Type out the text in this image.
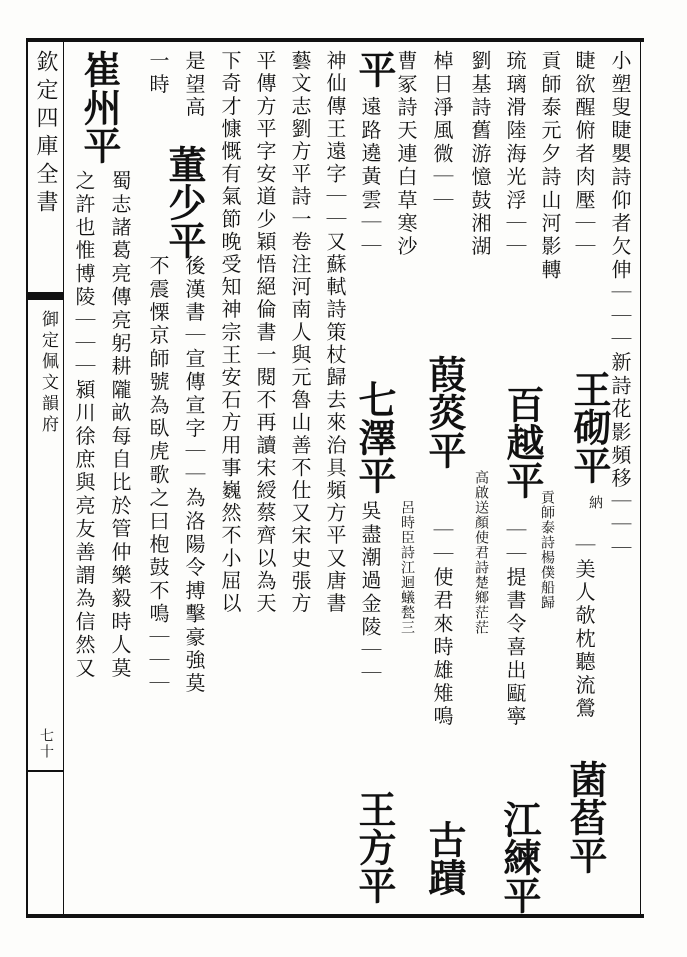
欽定四庫全書
御定佩文韻府
七十
小塑叟睫嬰詩仰者欠伸｜｜｜新詩花影頻移｜｜｜
菌萏平
睫欲醒俯者肉壓｜｜
王砌平
納
｜美人欹枕聽流鶯
貢師泰元夕詩山河影轉
貢師泰詩楊僕船歸
琉璃滑陸海光浮｜｜
百越平
｜｜提書令喜出甌寧
江練平
劉基詩舊游憶鼓湘湖
高啟送顏使君詩楚鄉茫茫
棹日淨風微｜｜
葭菼平
｜｜使君來時雄雉鳴
古蹟
曹冢詩天連白草寒沙
呂時臣詩江迴蟻甃三
平
遠路遶黃雲｜｜
七澤平
吳盡潮過金陵｜｜
王方平
神仙傳王遠字｜｜又蘇軾詩策杖歸去來治具頻方平又唐書
藝文志劉方平詩一卷注河南人與元魯山善不仕又宋史張方
平傳方平字安道少穎悟絕倫書一閱不再讀宋綬蔡齊以為天
下奇才慷慨有氣節晚受知神宗王安石方用事巍然不小屈以
是望高
董少平
後漢書｜宣傳宣字｜｜為洛陽令搏擊豪強莫
一時
不震慄京師號為臥虎歌之曰枹鼓不鳴｜｜｜
崔州平
蜀志諸葛亮傳亮躬耕隴畝每自比於管仲樂毅時人莫
之許也惟博陵｜｜｜潁川徐庶與亮友善謂為信然又
